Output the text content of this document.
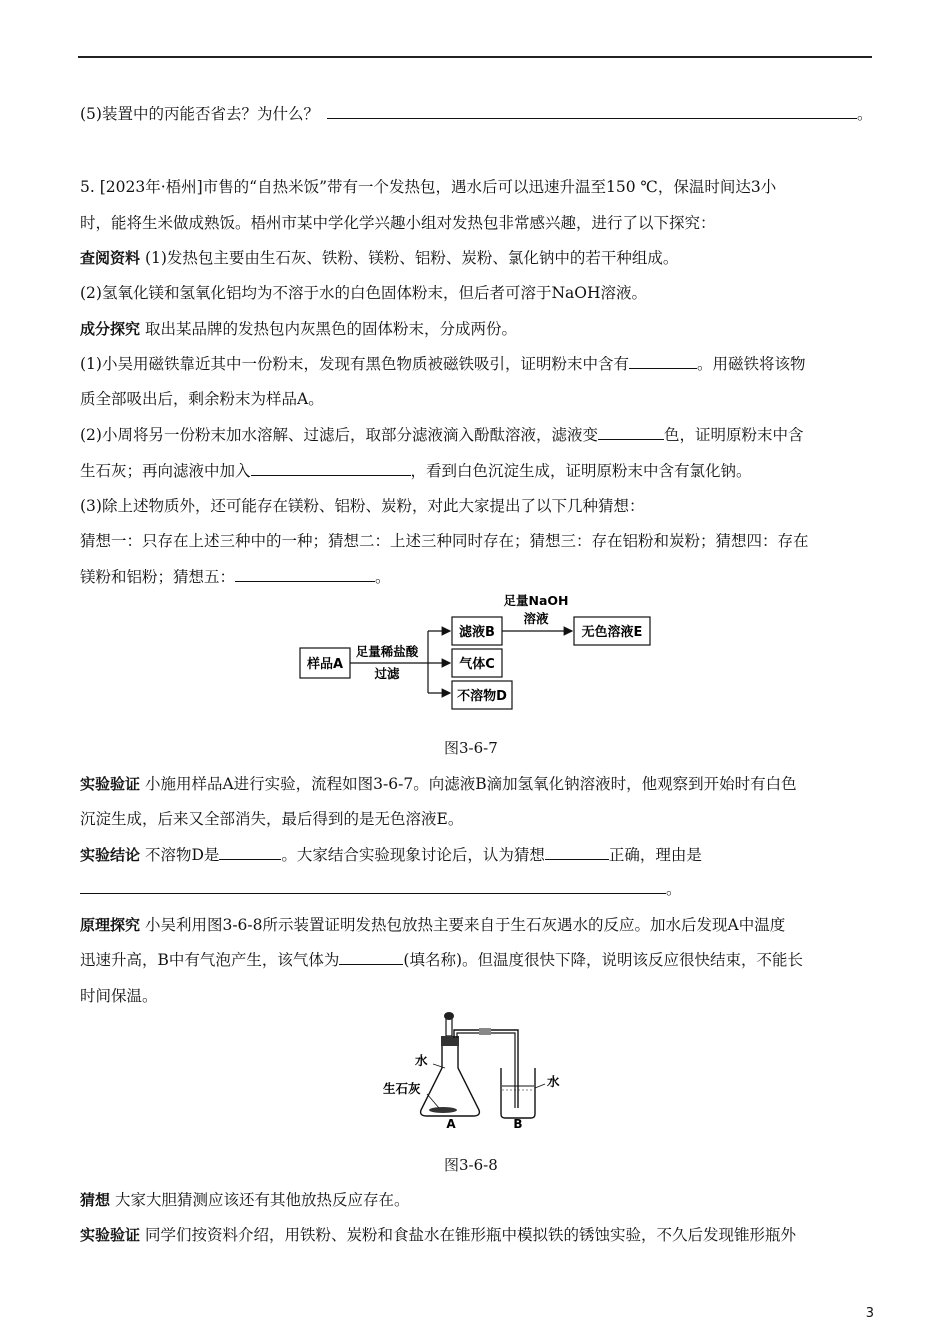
(5)装置中的丙能否省去？为什么？	。
5. [2023年·梧州]市售的“自热米饭”带有一个发热包，遇水后可以迅速升温至150 ℃，保温时间达3小
时，能将生米做成熟饭。梧州市某中学化学兴趣小组对发热包非常感兴趣，进行了以下探究：
查阅资料 (1)发热包主要由生石灰、铁粉、镁粉、铝粉、炭粉、氯化钠中的若干种组成。
(2)氢氧化镁和氢氧化铝均为不溶于水的白色固体粉末，但后者可溶于NaOH溶液。
成分探究 取出某品牌的发热包内灰黑色的固体粉末，分成两份。
(1)小吴用磁铁靠近其中一份粉末，发现有黑色物质被磁铁吸引，证明粉末中含有	。用磁铁将该物
质全部吸出后，剩余粉末为样品A。
(2)小周将另一份粉末加水溶解、过滤后，取部分滤液滴入酚酞溶液，滤液变	色，证明原粉末中含
生石灰；再向滤液中加入	，看到白色沉淀生成，证明原粉末中含有氯化钠。
(3)除上述物质外，还可能存在镁粉、铝粉、炭粉，对此大家提出了以下几种猜想：
猜想一：只存在上述三种中的一种；猜想二：上述三种同时存在；猜想三：存在铝粉和炭粉；猜想四：存在
镁粉和铝粉；猜想五：	。
样品A
足量稀盐酸
过滤
滤液B
气体C
不溶物D
足量NaOH
溶液
无色溶液E
图3-6-7
实验验证 小施用样品A进行实验，流程如图3-6-7。向滤液B滴加氢氧化钠溶液时，他观察到开始时有白色
沉淀生成，后来又全部消失，最后得到的是无色溶液E。
实验结论 不溶物D是	。大家结合实验现象讨论后，认为猜想	正确，理由是
。
原理探究 小吴利用图3-6-8所示装置证明发热包放热主要来自于生石灰遇水的反应。加水后发现A中温度
迅速升高，B中有气泡产生，该气体为	(填名称)。但温度很快下降，说明该反应很快结束，不能长
时间保温。
水
生石灰	水
A	B
图3-6-8
猜想 大家大胆猜测应该还有其他放热反应存在。
实验验证 同学们按资料介绍，用铁粉、炭粉和食盐水在锥形瓶中模拟铁的锈蚀实验，不久后发现锥形瓶外
3
